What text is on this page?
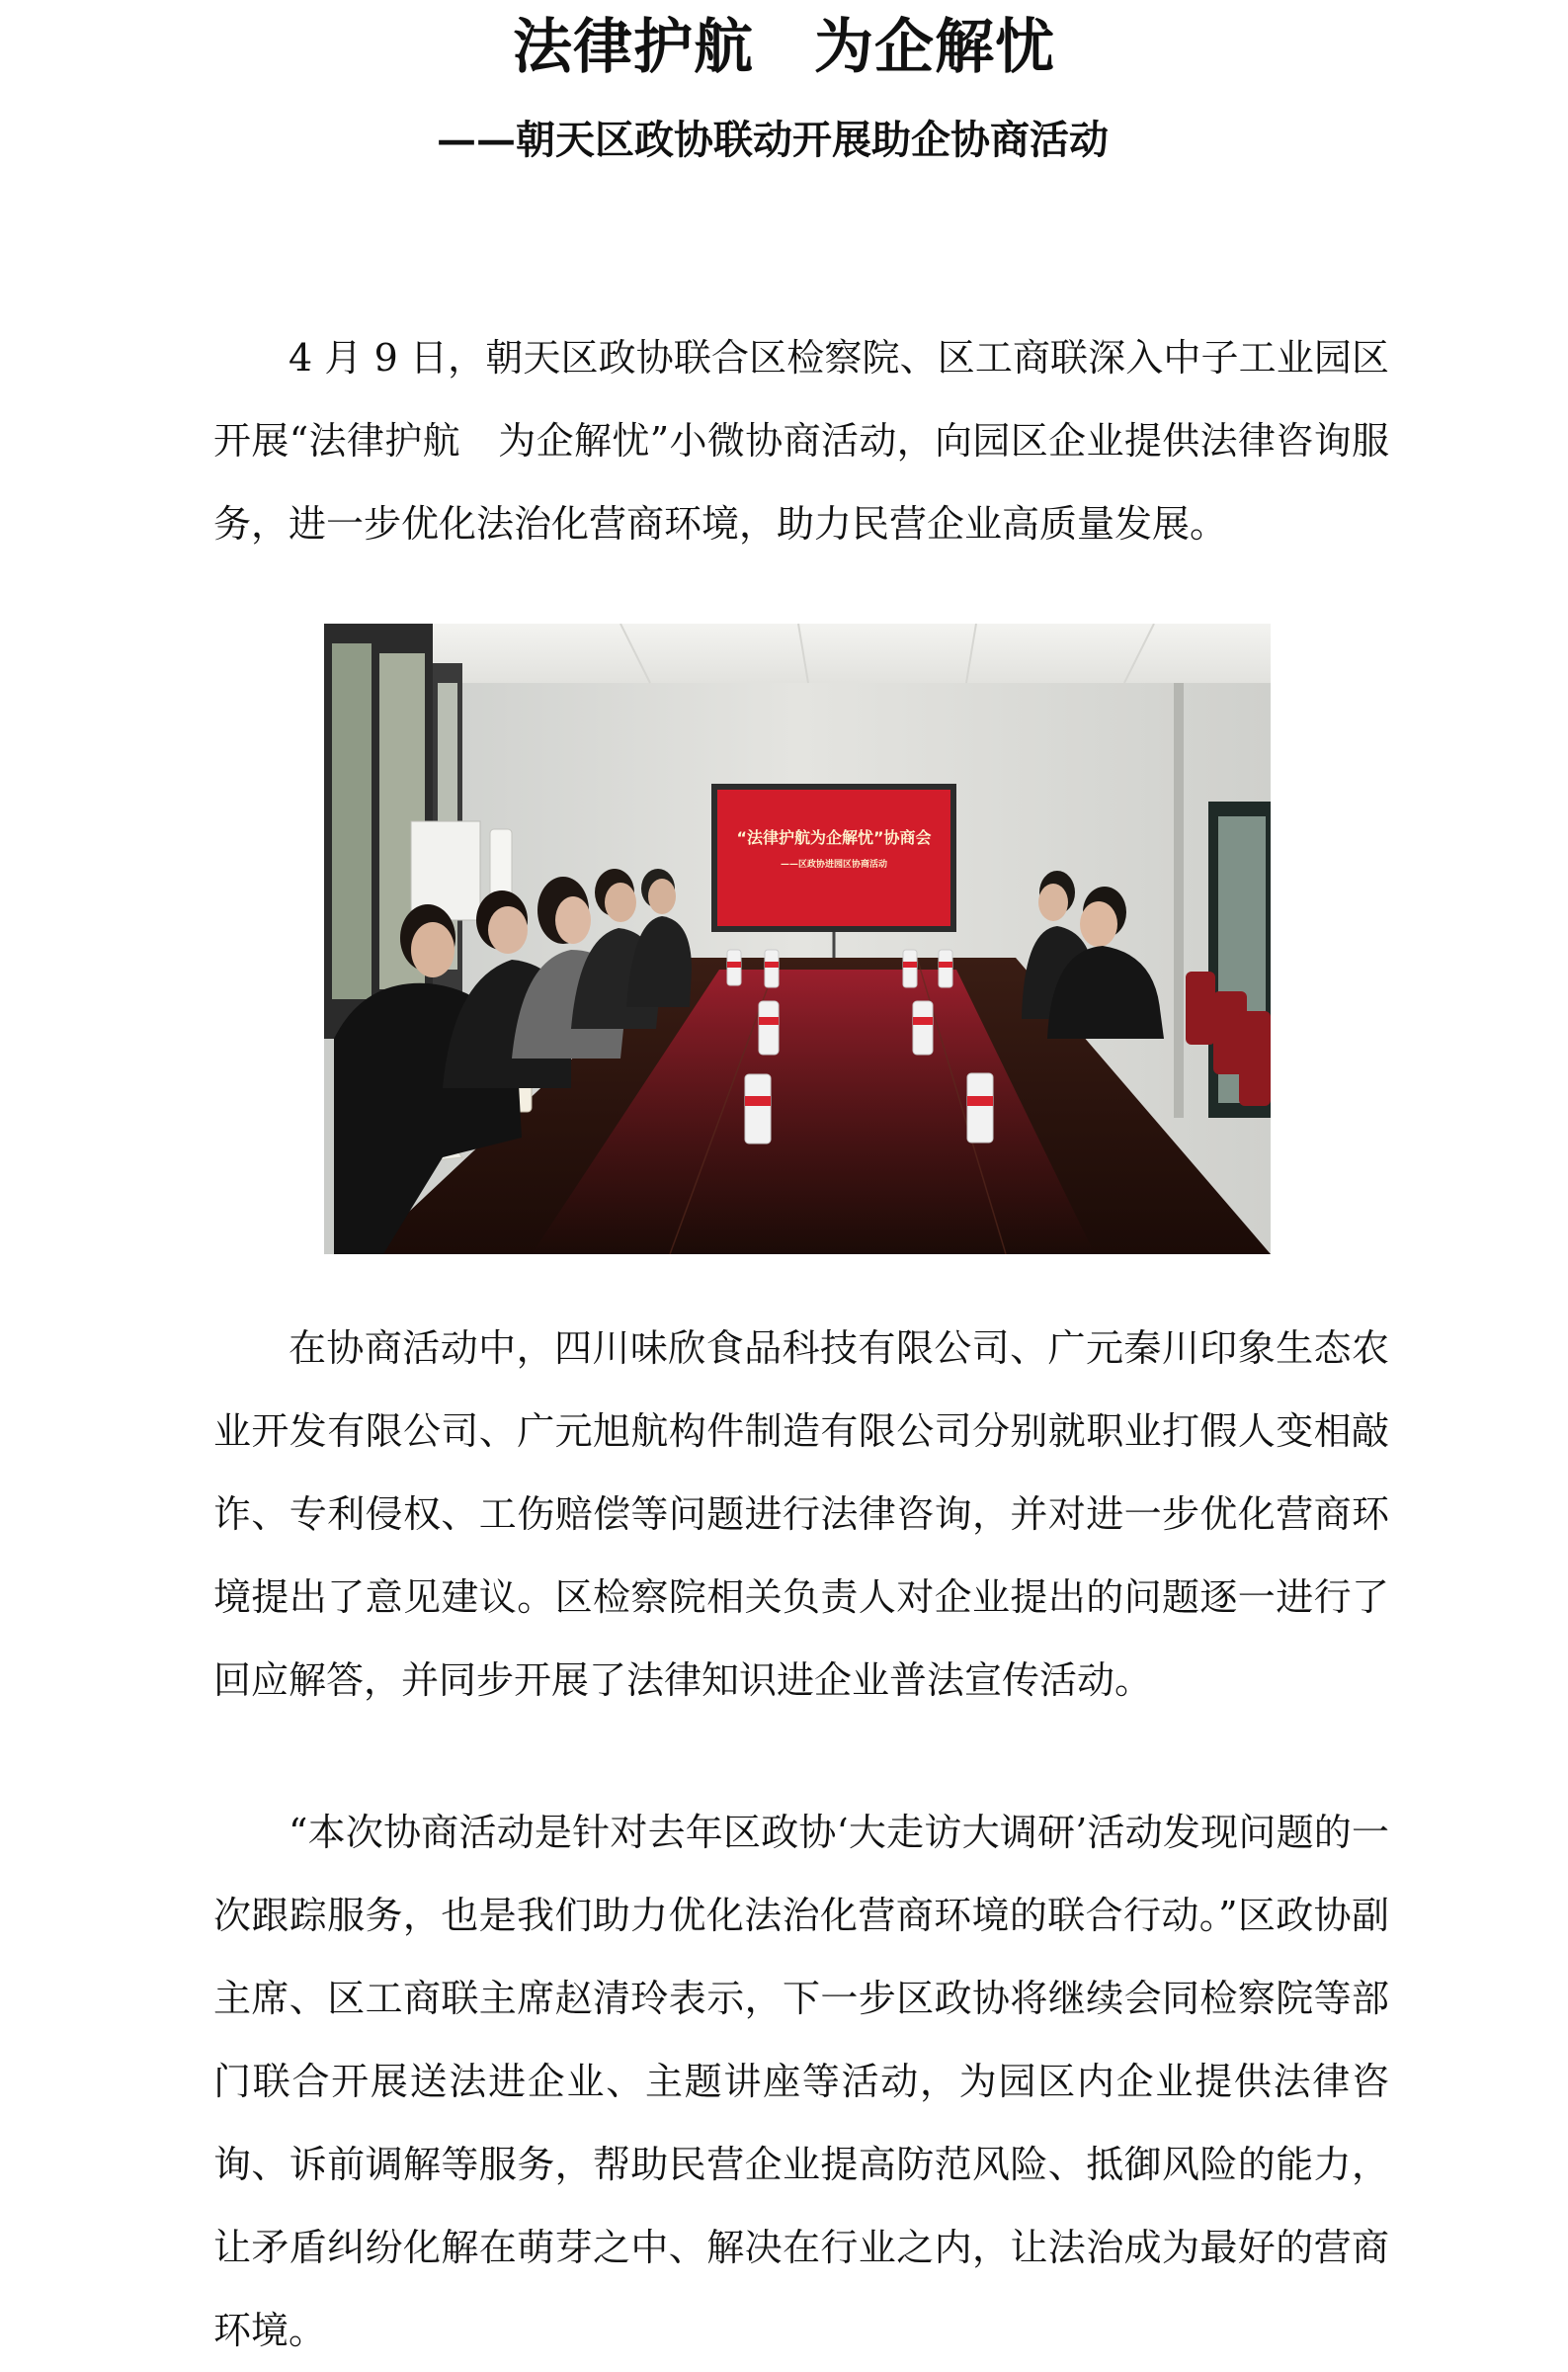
法律护航　为企解忧
——朝天区政协联动开展助企协商活动

4 月 9 日，朝天区政协联合区检察院、区工商联深入中子工业园区开展“法律护航　为企解忧”小微协商活动，向园区企业提供法律咨询服务，进一步优化法治化营商环境，助力民营企业高质量发展。

“法律护航为企解忧”协商会
——区政协进园区协商活动

在协商活动中，四川味欣食品科技有限公司、广元秦川印象生态农业开发有限公司、广元旭航构件制造有限公司分别就职业打假人变相敲诈、专利侵权、工伤赔偿等问题进行法律咨询，并对进一步优化营商环境提出了意见建议。区检察院相关负责人对企业提出的问题逐一进行了回应解答，并同步开展了法律知识进企业普法宣传活动。

“本次协商活动是针对去年区政协‘大走访大调研’活动发现问题的一次跟踪服务，也是我们助力优化法治化营商环境的联合行动。”区政协副主席、区工商联主席赵清玲表示，下一步区政协将继续会同检察院等部门联合开展送法进企业、主题讲座等活动，为园区内企业提供法律咨询、诉前调解等服务，帮助民营企业提高防范风险、抵御风险的能力，让矛盾纠纷化解在萌芽之中、解决在行业之内，让法治成为最好的营商环境。
